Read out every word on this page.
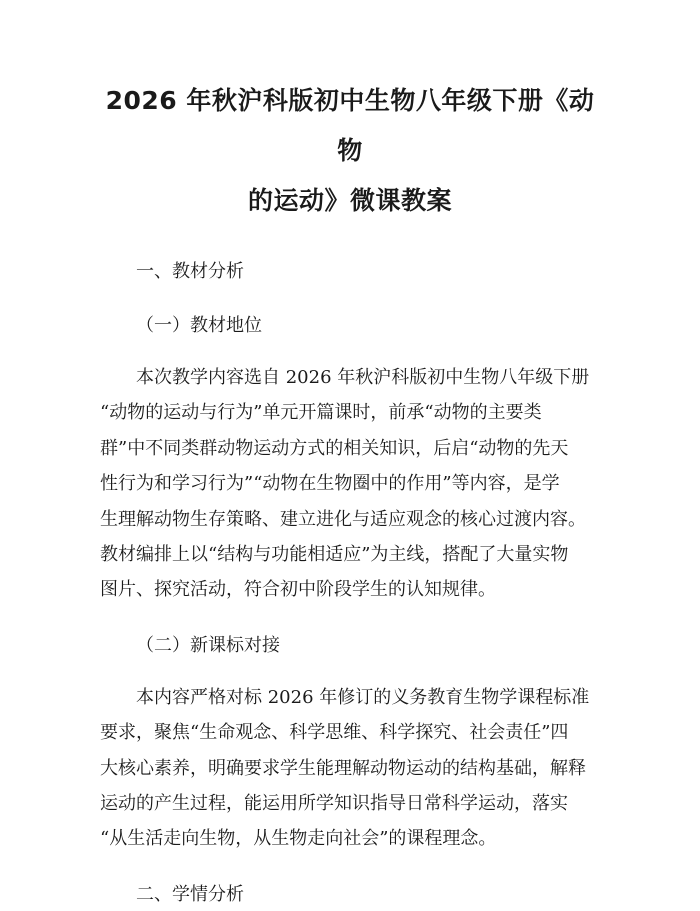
2026 年秋沪科版初中生物八年级下册《动物
的运动》微课教案

一、教材分析

（一）教材地位

本次教学内容选自 2026 年秋沪科版初中生物八年级下册
“动物的运动与行为”单元开篇课时，前承“动物的主要类
群”中不同类群动物运动方式的相关知识，后启“动物的先天
性行为和学习行为”“动物在生物圈中的作用”等内容，是学
生理解动物生存策略、建立进化与适应观念的核心过渡内容。
教材编排上以“结构与功能相适应”为主线，搭配了大量实物
图片、探究活动，符合初中阶段学生的认知规律。

（二）新课标对接

本内容严格对标 2026 年修订的义务教育生物学课程标准
要求，聚焦“生命观念、科学思维、科学探究、社会责任”四
大核心素养，明确要求学生能理解动物运动的结构基础，解释
运动的产生过程，能运用所学知识指导日常科学运动，落实
“从生活走向生物，从生物走向社会”的课程理念。

二、学情分析
